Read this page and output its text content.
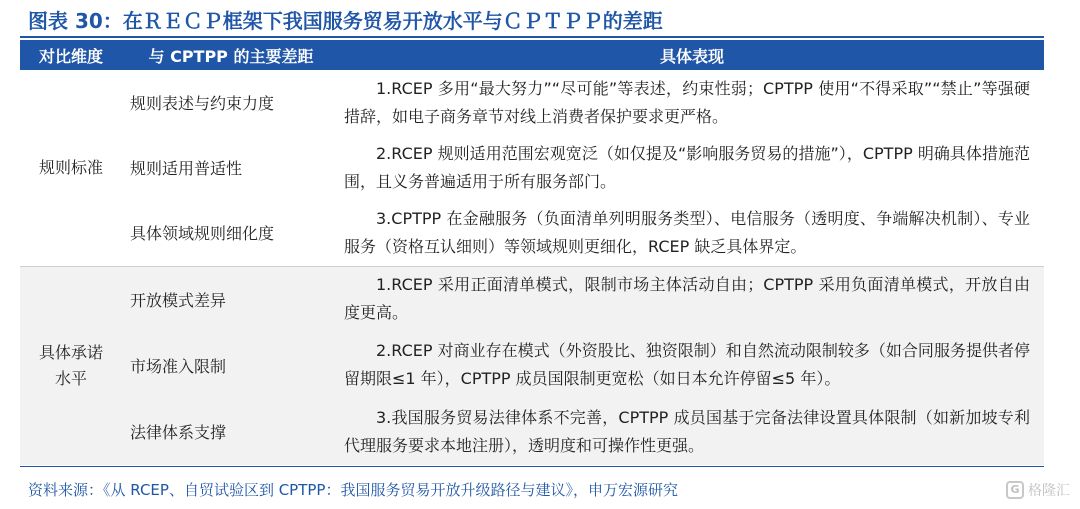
图表 30：在ＲＥＣＰ框架下我国服务贸易开放水平与ＣＰＴＰＰ的差距
对比维度	与 CPTPP 的主要差距	具体表现
规则标准	规则表述与约束力度	1.RCEP 多用“最大努力”“尽可能”等表述，约束性弱；CPTPP 使用“不得采取”“禁止”等强硬措辞，如电子商务章节对线上消费者保护要求更严格。

	规则适用普适性	2.RCEP 规则适用范围宏观宽泛（如仅提及“影响服务贸易的措施”），CPTPP 明确具体措施范围，且义务普遍适用于所有服务部门。

	具体领域规则细化度	3.CPTPP 在金融服务（负面清单列明服务类型）、电信服务（透明度、争端解决机制）、专业服务（资格互认细则）等领域规则更细化，RCEP 缺乏具体界定。

具体承诺水平	开放模式差异	1.RCEP 采用正面清单模式，限制市场主体活动自由；CPTPP 采用负面清单模式，开放自由度更高。

	市场准入限制	2.RCEP 对商业存在模式（外资股比、独资限制）和自然流动限制较多（如合同服务提供者停留期限≤1 年），CPTPP 成员国限制更宽松（如日本允许停留≤5 年）。

	法律体系支撑	3.我国服务贸易法律体系不完善，CPTPP 成员国基于完备法律设置具体限制（如新加坡专利代理服务要求本地注册），透明度和可操作性更强。
资料来源：《从 RCEP、自贸试验区到 CPTPP：我国服务贸易开放升级路径与建议》，申万宏源研究	G 格隆汇
